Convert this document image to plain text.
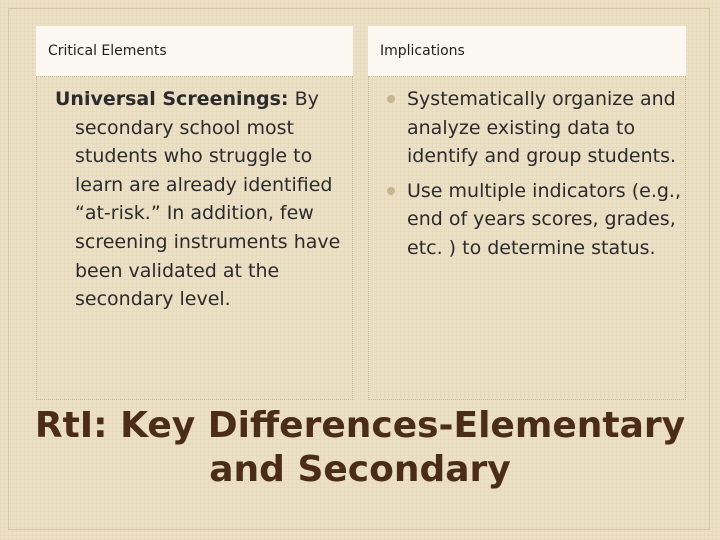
Critical Elements
Universal Screenings: By secondary school most students who struggle to learn are already identified “at-risk.” In addition, few screening instruments have been validated at the secondary level.
Implications
Systematically organize and analyze existing data to identify and group students.
Use multiple indicators (e.g., end of years scores, grades, etc. ) to determine status.
RtI: Key Differences-Elementary
and Secondary
